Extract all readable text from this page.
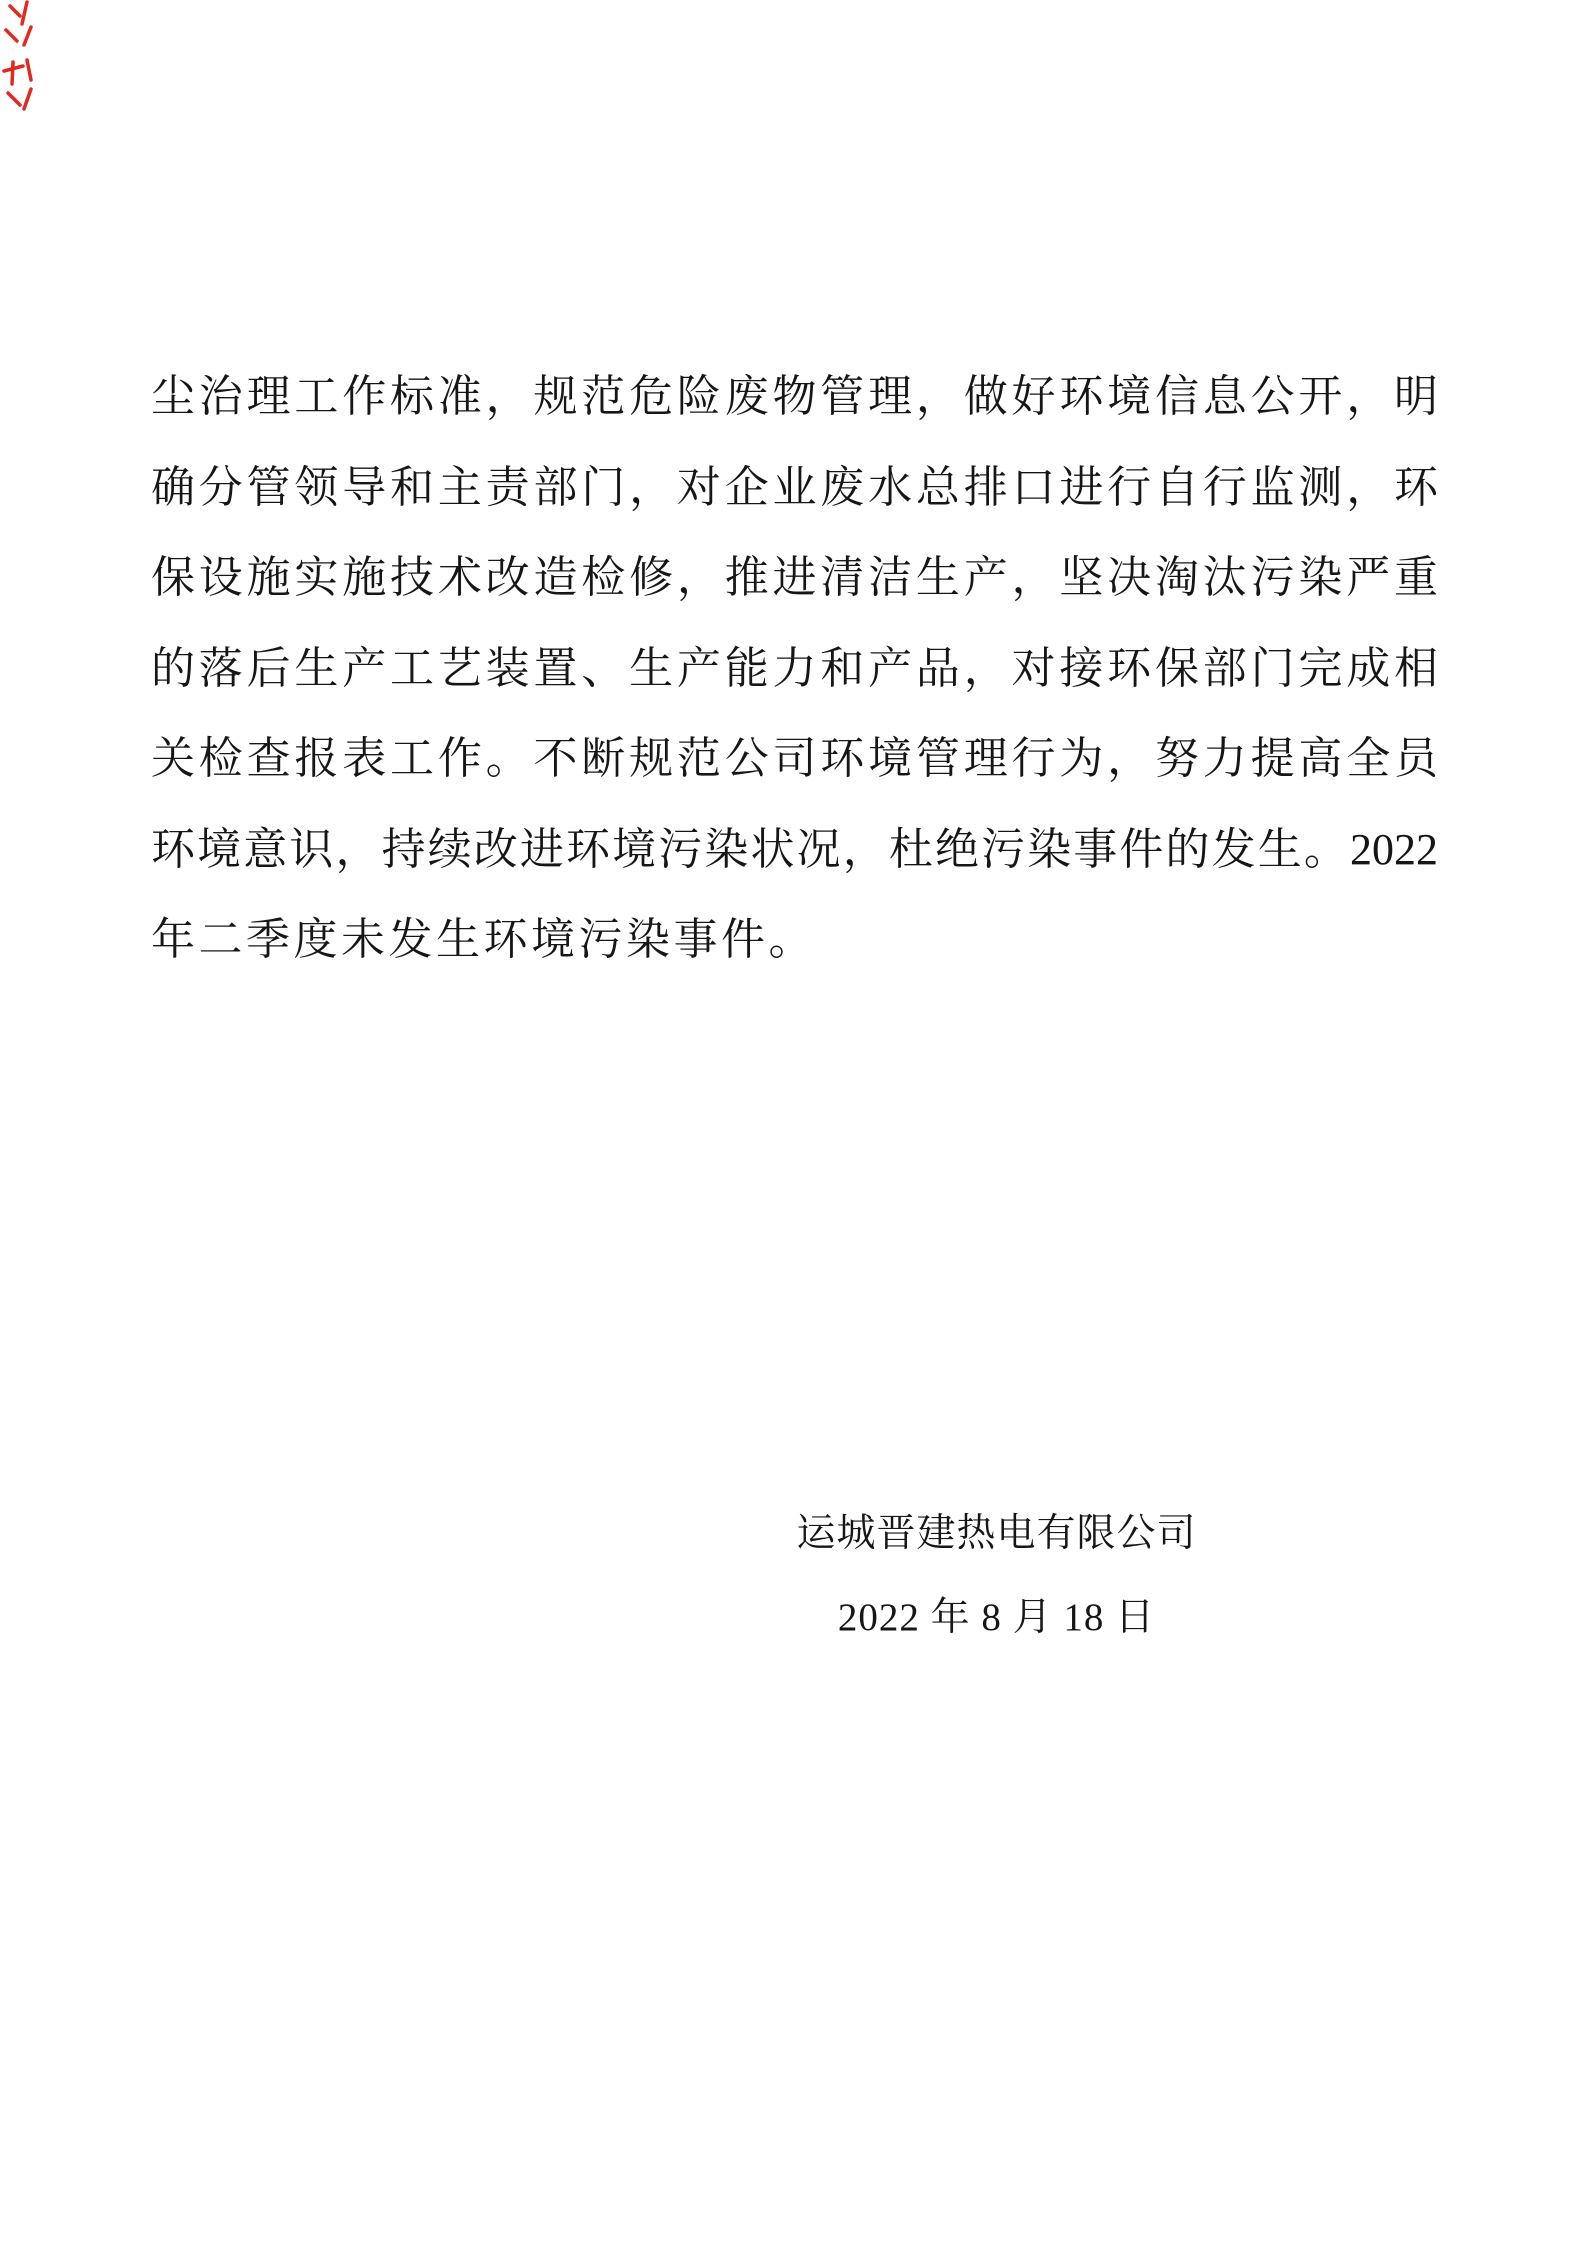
尘治理工作标准，规范危险废物管理，做好环境信息公开，明
确分管领导和主责部门，对企业废水总排口进行自行监测，环
保设施实施技术改造检修，推进清洁生产，坚决淘汰污染严重
的落后生产工艺装置、生产能力和产品，对接环保部门完成相
关检查报表工作。不断规范公司环境管理行为，努力提高全员
环境意识，持续改进环境污染状况，杜绝污染事件的发生。2022
年二季度未发生环境污染事件。
运城晋建热电有限公司
2022 年 8 月 18 日
